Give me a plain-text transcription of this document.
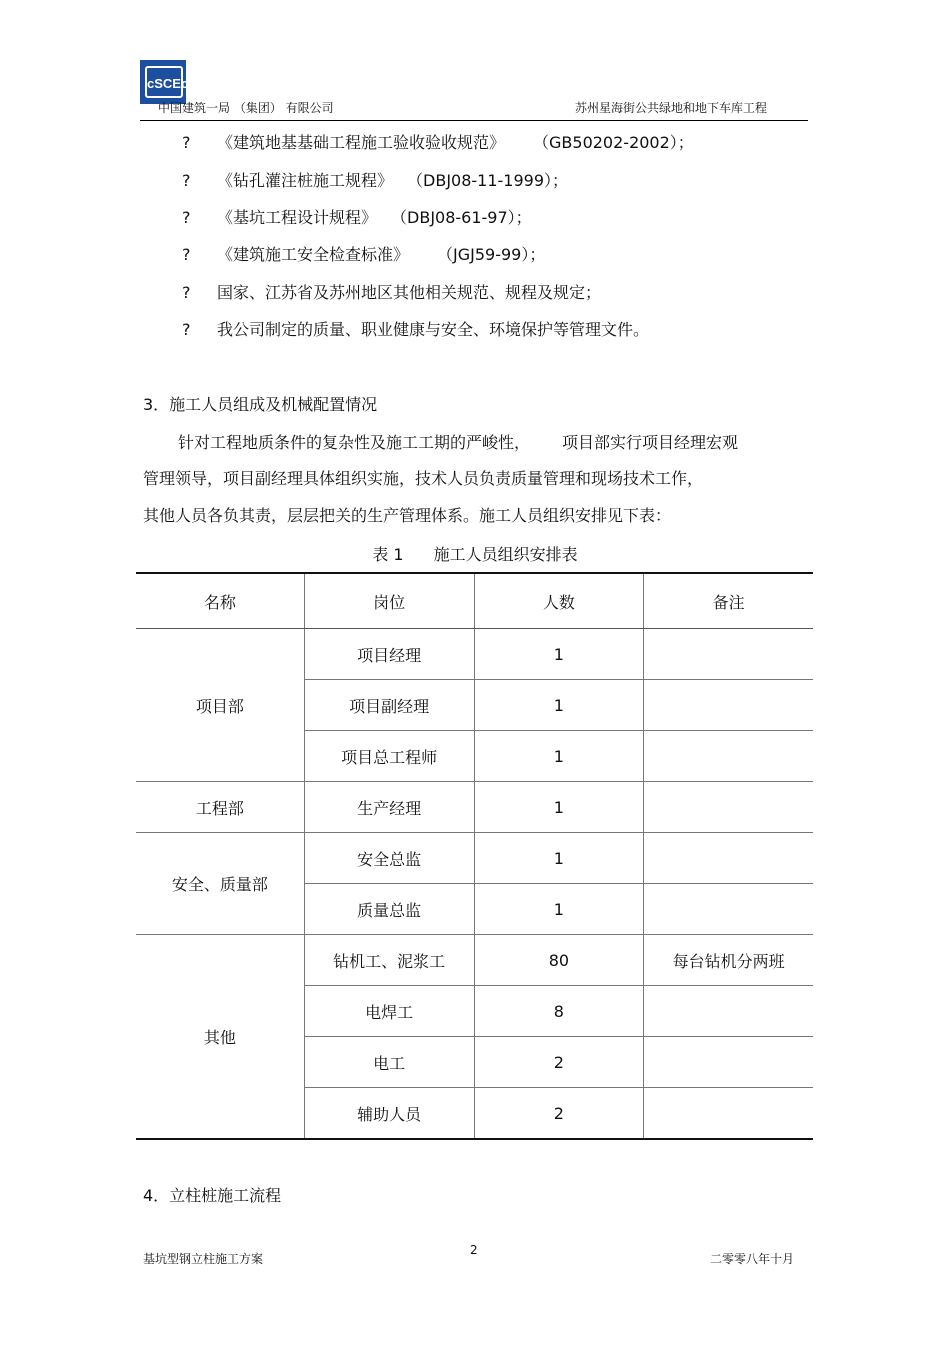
cSCEc
中国建筑一局 （集团） 有限公司	苏州星海街公共绿地和地下车库工程
? 《建筑地基基础工程施工验收验收规范》 （GB50202-2002）；
? 《钻孔灌注桩施工规程》 （DBJ08-11-1999）；
? 《基坑工程设计规程》 （DBJ08-61-97）；
? 《建筑施工安全检查标准》 （JGJ59-99）；
? 国家、江苏省及苏州地区其他相关规范、规程及规定；
? 我公司制定的质量、职业健康与安全、环境保护等管理文件。
3．施工人员组成及机械配置情况
针对工程地质条件的复杂性及施工工期的严峻性， 项目部实行项目经理宏观
管理领导，项目副经理具体组织实施，技术人员负责质量管理和现场技术工作，
其他人员各负其责，层层把关的生产管理体系。施工人员组织安排见下表：
表 1 施工人员组织安排表
名称	岗位	人数	备注
项目部	项目经理	1	
	项目副经理	1	
	项目总工程师	1	
工程部	生产经理	1	
安全、质量部	安全总监	1	
	质量总监	1	
其他	钻机工、泥浆工	80	每台钻机分两班
	电焊工	8	
	电工	2	
	辅助人员	2	
4．立柱桩施工流程
基坑型钢立柱施工方案
2
二零零八年十月
